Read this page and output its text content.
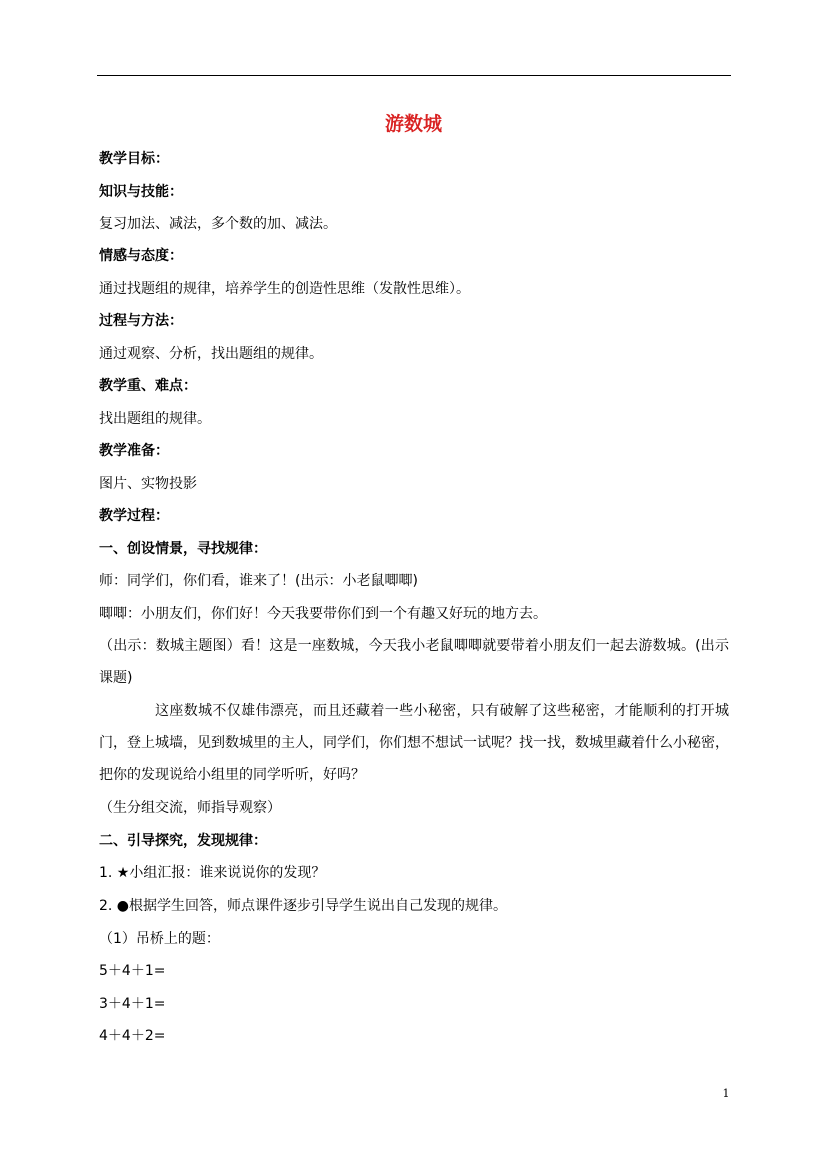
游数城
教学目标：
知识与技能：
复习加法、减法，多个数的加、减法。
情感与态度：
通过找题组的规律，培养学生的创造性思维（发散性思维）。
过程与方法：
通过观察、分析，找出题组的规律。
教学重、难点：
找出题组的规律。
教学准备：
图片、实物投影
教学过程：
一、创设情景，寻找规律：
师：同学们，你们看，谁来了！(出示：小老鼠唧唧)
唧唧：小朋友们，你们好！今天我要带你们到一个有趣又好玩的地方去。
（出示：数城主题图）看！这是一座数城，今天我小老鼠唧唧就要带着小朋友们一起去游数城。(出示课题)
这座数城不仅雄伟漂亮，而且还藏着一些小秘密，只有破解了这些秘密，才能顺利的打开城门，登上城墙，见到数城里的主人，同学们，你们想不想试一试呢？找一找，数城里藏着什么小秘密，把你的发现说给小组里的同学听听，好吗？
（生分组交流，师指导观察）
二、引导探究，发现规律：
1. ★小组汇报：谁来说说你的发现？
2. ●根据学生回答，师点课件逐步引导学生说出自己发现的规律。
（1）吊桥上的题：
5＋4＋1=
3＋4＋1=
4＋4＋2=
1
